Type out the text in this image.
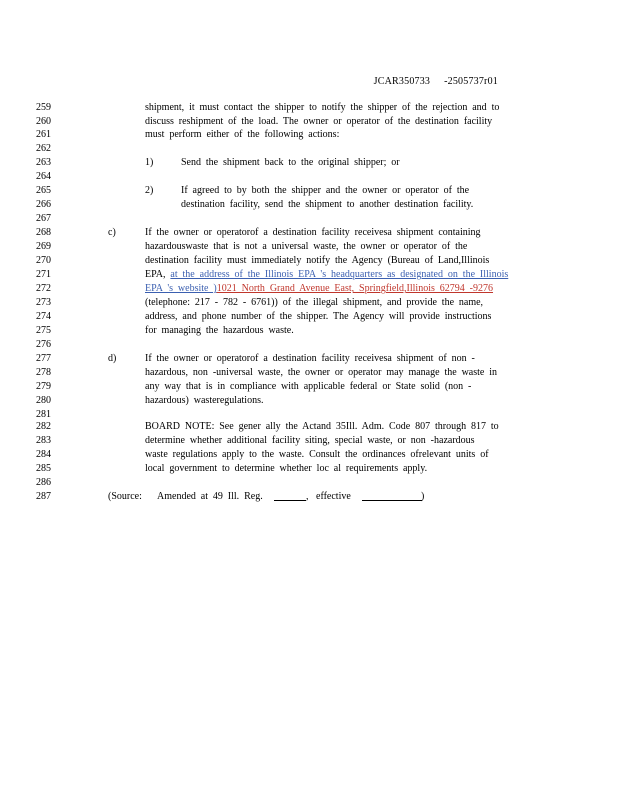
JCAR350733 -2505737r01
259	shipment, it must contact the shipper to notify the shipper of the rejection and to
260	discuss reshipment of the load. The owner or operator of the destination facility
261	must perform either of the following actions:
262
263	1)	Send the shipment back to the original shipper; or
264
265	2)	If agreed to by both the shipper and the owner or operator of the
266	destination facility, send the shipment to another destination facility.
267
268	c)	If the owner or operatorof a destination facility receivesa shipment containing
269	hazardouswaste that is not a universal waste, the owner or operator of the
270	destination facility must immediately notify the Agency (Bureau of Land,Illinois
271	EPA, at the address of the Illinois EPA 's headquarters as designated on the Illinois
272	EPA 's website )1021 North Grand Avenue East, Springfield,Illinois 62794 -9276
273	(telephone: 217 - 782 - 6761)) of the illegal shipment, and provide the name,
274	address, and phone number of the shipper. The Agency will provide instructions
275	for managing the hazardous waste.
276
277	d)	If the owner or operatorof a destination facility receivesa shipment of non -
278	hazardous, non -universal waste, the owner or operator may manage the waste in
279	any way that is in compliance with applicable federal or State solid (non -
280	hazardous) wasteregulations.
281
282	BOARD NOTE: See gener ally the Actand 35Ill. Adm. Code 807 through 817 to
283	determine whether additional facility siting, special waste, or non -hazardous
284	waste regulations apply to the waste. Consult the ordinances ofrelevant units of
285	local government to determine whether loc al requirements apply.
286
287	(Source: Amended at 49 Ill. Reg.	, effective	)
